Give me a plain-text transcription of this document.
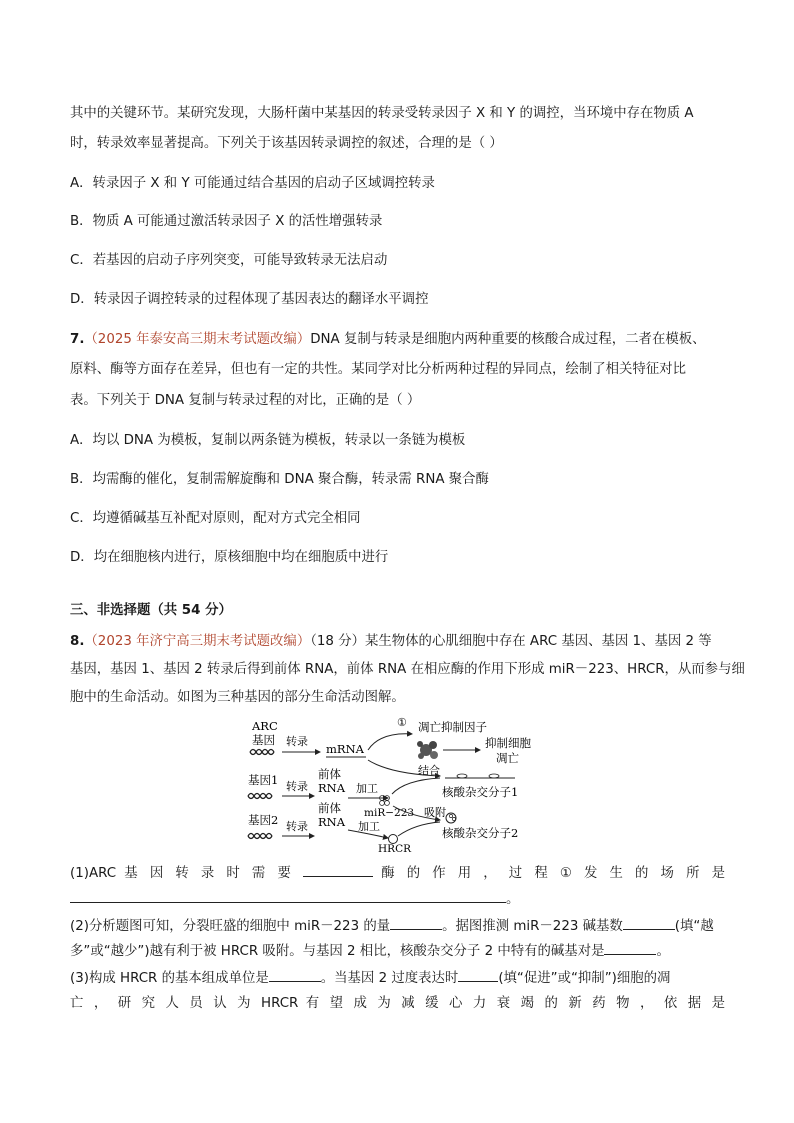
其中的关键环节。某研究发现，大肠杆菌中某基因的转录受转录因子 X 和 Y 的调控，当环境中存在物质 A
时，转录效率显著提高。下列关于该基因转录调控的叙述，合理的是（ ）
A．转录因子 X 和 Y 可能通过结合基因的启动子区域调控转录
B．物质 A 可能通过激活转录因子 X 的活性增强转录
C．若基因的启动子序列突变，可能导致转录无法启动
D．转录因子调控转录的过程体现了基因表达的翻译水平调控
7.（2025 年泰安高三期末考试题改编）DNA 复制与转录是细胞内两种重要的核酸合成过程，二者在模板、
原料、酶等方面存在差异，但也有一定的共性。某同学对比分析两种过程的异同点，绘制了相关特征对比
表。下列关于 DNA 复制与转录过程的对比，正确的是（ ）
A．均以 DNA 为模板，复制以两条链为模板，转录以一条链为模板
B．均需酶的催化，复制需解旋酶和 DNA 聚合酶，转录需 RNA 聚合酶
C．均遵循碱基互补配对原则，配对方式完全相同
D．均在细胞核内进行，原核细胞中均在细胞质中进行
三、非选择题（共 54 分）
8.（2023 年济宁高三期末考试题改编）（18 分）某生物体的心肌细胞中存在 ARC 基因、基因 1、基因 2 等
基因，基因 1、基因 2 转录后得到前体 RNA，前体 RNA 在相应酶的作用下形成 miR－223、HRCR，从而参与细
胞中的生命活动。如图为三种基因的部分生命活动图解。
ARC
基因 转录
mRNA
① 凋亡抑制因子
抑制细胞
凋亡
基因1 转录
前体
RNA 加工
miR−223
结合
核酸杂交分子1
基因2 转录
前体
RNA 加工
HRCR
吸附
核酸杂交分子2
(1)ARC 基 因 转 录 时 需 要	酶 的 作 用 ， 过 程 ① 发 生 的 场 所 是
。
(2)分析题图可知，分裂旺盛的细胞中 miR－223 的量	。据图推测 miR－223 碱基数	(填“越
多”或“越少”)越有利于被 HRCR 吸附。与基因 2 相比，核酸杂交分子 2 中特有的碱基对是	。
(3)构成 HRCR 的基本组成单位是	。当基因 2 过度表达时	(填“促进”或“抑制”)细胞的凋
亡 ， 研 究 人 员 认 为 HRCR 有 望 成 为 减 缓 心 力 衰 竭 的 新 药 物 ， 依 据 是
